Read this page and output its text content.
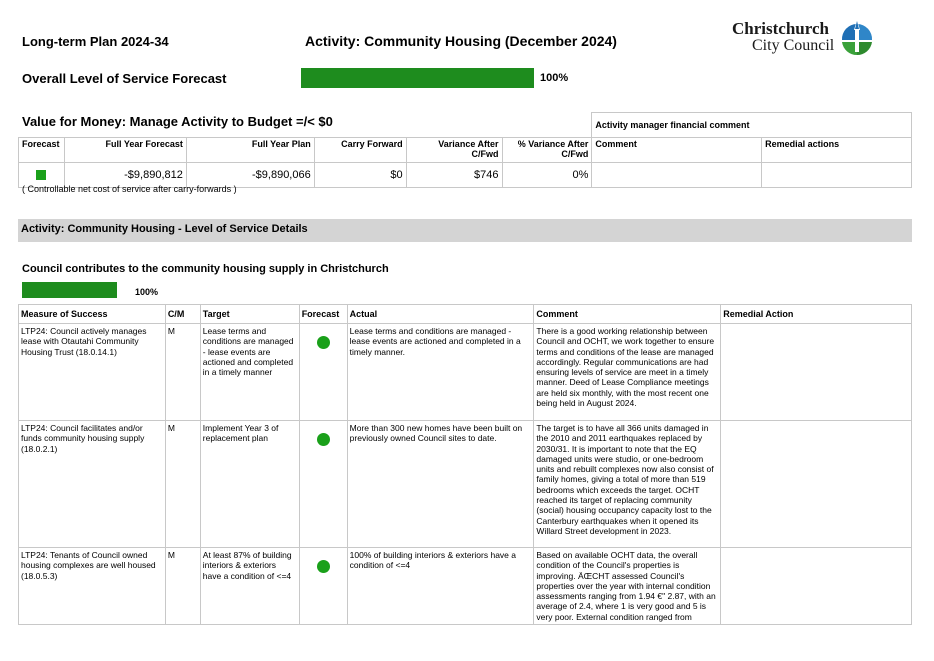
Long-term Plan 2024-34	Activity: Community Housing (December 2024)
Christchurch
City Council
Overall Level of Service Forecast	100%
Value for Money: Manage Activity to Budget =/< $0
							Activity manager financial comment	
Forecast	Full Year Forecast	Full Year Plan	Carry Forward	Variance After C/Fwd	% Variance After C/Fwd	Comment	Remedial actions

	-$9,890,812	-$9,890,066	$0	$746	0%		
( Controllable net cost of service after carry-forwards )
Activity: Community Housing - Level of Service Details
Council contributes to the community housing supply in Christchurch
100%
Measure of Success	C/M	Target	Forecast	Actual	Comment	Remedial Action
LTP24: Council actively manages lease with Otautahi Community Housing Trust (18.0.14.1)	M	Lease terms and conditions are managed - lease events are actioned and completed in a timely manner		Lease terms and conditions are managed - lease events are actioned and completed in a timely manner.	There is a good working relationship between Council and OCHT, we work together to ensure terms and conditions of the lease are managed accordingly. Regular communications are had ensuring levels of service are meet in a timely manner. Deed of Lease Compliance meetings are held six monthly, with the most recent one being held in August 2024.	
LTP24: Council facilitates and/or funds community housing supply (18.0.2.1)	M	Implement Year 3 of replacement plan		More than 300 new homes have been built on previously owned Council sites to date.	The target is to have all 366 units damaged in the 2010 and 2011 earthquakes replaced by 2030/31. It is important to note that the EQ damaged units were studio, or one-bedroom units and rebuilt complexes now also consist of family homes, giving a total of more than 519 bedrooms which exceeds the target. OCHT reached its target of replacing community (social) housing occupancy capacity lost to the Canterbury earthquakes when it opened its Willard Street development in 2023.	
LTP24: Tenants of Council owned housing complexes are well housed (18.0.5.3)	M	At least 87% of building interiors & exteriors have a condition of <=4		100% of building interiors & exteriors have a condition of <=4	Based on available OCHT data, the overall condition of the Council's properties is improving. ÄŒCHT assessed Council's properties over the year with internal condition assessments ranging from 1.94 €" 2.87, with an average of 2.4, where 1 is very good and 5 is very poor. External condition ranged from	
